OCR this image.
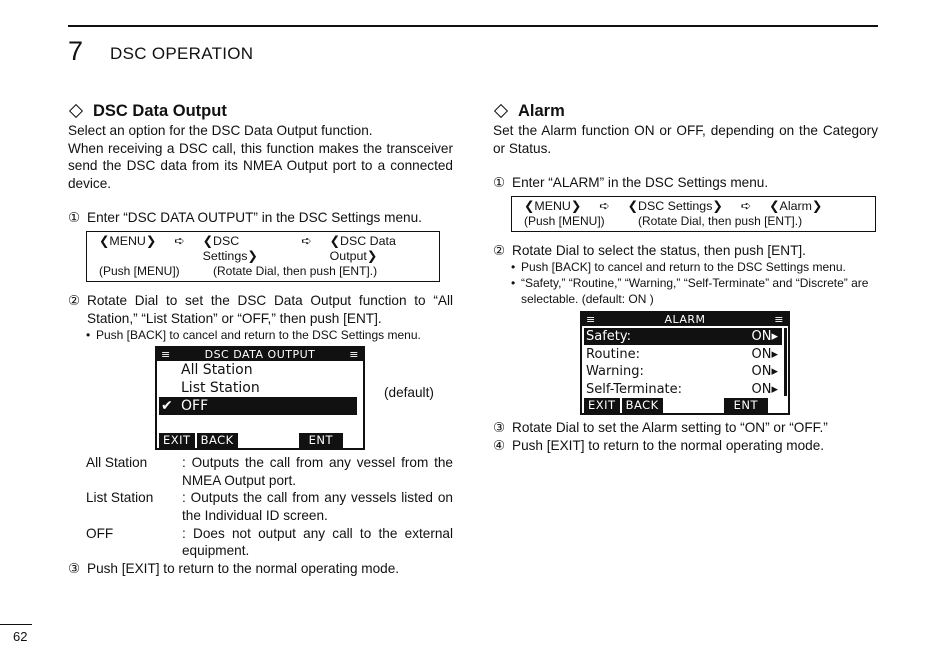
7 DSC OPERATION
DSC Data Output

Select an option for the DSC Data Output function.

When receiving a DSC call, this function makes the transceiver send the DSC data from its NMEA Output port to a connected device.

① Enter “DSC DATA OUTPUT” in the DSC Settings menu.
❮MENU❯ ➪ ❮DSC Settings❯
➪ ❮DSC Data Output❯
(Push [MENU])	(Rotate Dial, then push [ENT].)
② Rotate Dial to set the DSC Data Output function to “All Station,” “List Station” or “OFF,” then push [ENT].
• Push [BACK] to cancel and return to the DSC Settings menu.
≡	DSC DATA OUTPUT	≡
All Station
List Station
✔ OFF
EXIT BACK	ENT
(default)
All Station	: Outputs the call from any vessel from the NMEA Output port.
List Station	: Outputs the call from any vessels listed on the Individual ID screen.
OFF	: Does not output any call to the external equipment.
③ Push [EXIT] to return to the normal operating mode.
Alarm

Set the Alarm function ON or OFF, depending on the Category or Status.

① Enter “ALARM” in the DSC Settings menu.
❮MENU❯ ➪ ❮DSC Settings❯ ➪ ❮Alarm❯
(Push [MENU])	(Rotate Dial, then push [ENT].)
② Rotate Dial to select the status, then push [ENT].
• Push [BACK] to cancel and return to the DSC Settings menu.
• “Safety,” “Routine,” “Warning,” “Self-Terminate” and “Discrete” are selectable. (default: ON )
≡	ALARM	≡
Safety:	ON▸
Routine:	ON▸
Warning:	ON▸
Self-Terminate:	ON▸
EXIT BACK	ENT
③ Rotate Dial to set the Alarm setting to “ON” or “OFF.”
④ Push [EXIT] to return to the normal operating mode.
62
